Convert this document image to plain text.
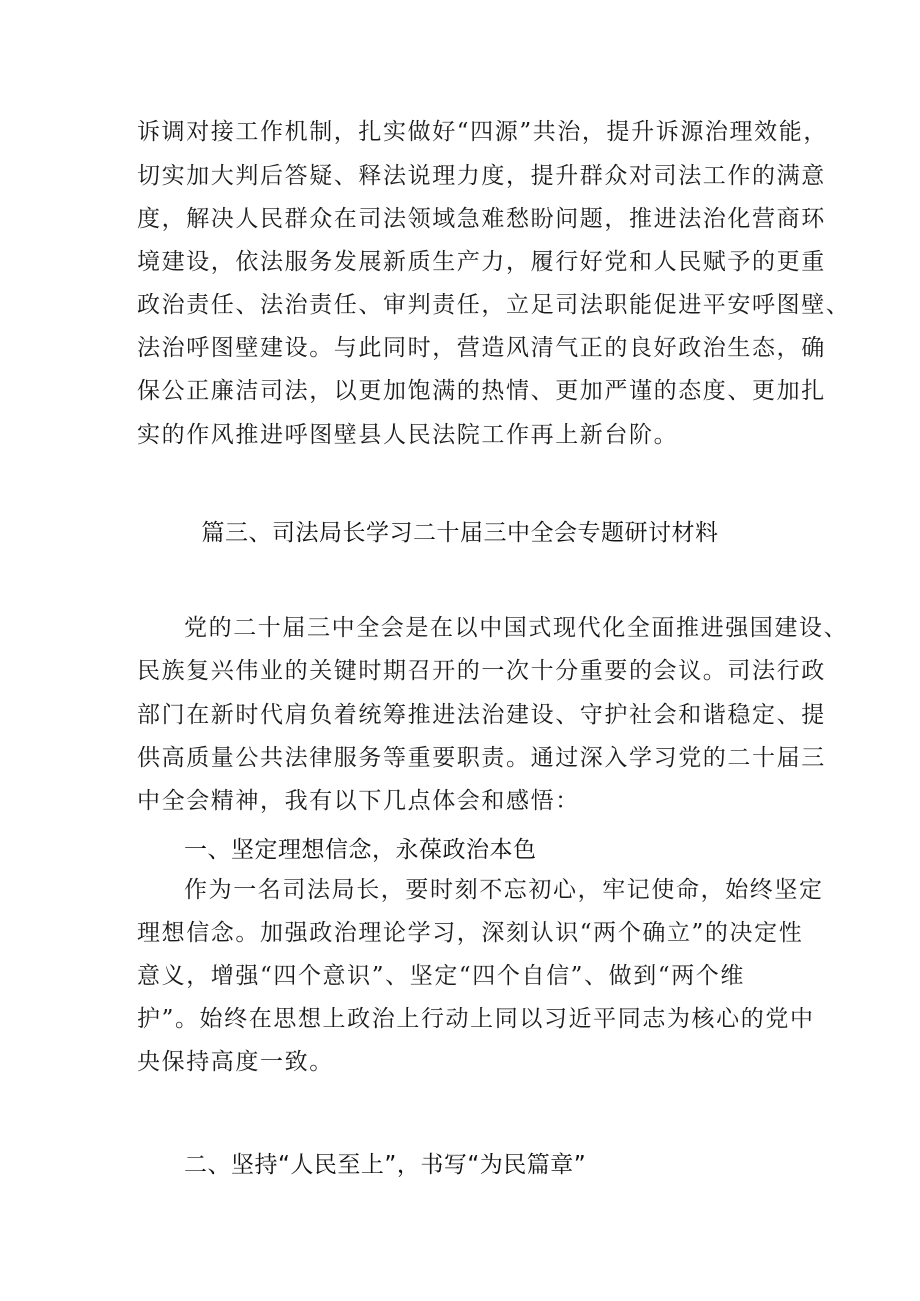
诉调对接工作机制，扎实做好“四源”共治，提升诉源治理效能，
切实加大判后答疑、释法说理力度，提升群众对司法工作的满意
度，解决人民群众在司法领域急难愁盼问题，推进法治化营商环
境建设，依法服务发展新质生产力，履行好党和人民赋予的更重
政治责任、法治责任、审判责任，立足司法职能促进平安呼图壁、
法治呼图壁建设。与此同时，营造风清气正的良好政治生态，确
保公正廉洁司法，以更加饱满的热情、更加严谨的态度、更加扎
实的作风推进呼图壁县人民法院工作再上新台阶。
篇三、司法局长学习二十届三中全会专题研讨材料
党的二十届三中全会是在以中国式现代化全面推进强国建设、
民族复兴伟业的关键时期召开的一次十分重要的会议。司法行政
部门在新时代肩负着统筹推进法治建设、守护社会和谐稳定、提
供高质量公共法律服务等重要职责。通过深入学习党的二十届三
中全会精神，我有以下几点体会和感悟：
一、坚定理想信念，永葆政治本色
作为一名司法局长，要时刻不忘初心，牢记使命，始终坚定
理想信念。加强政治理论学习，深刻认识“两个确立”的决定性
意义，增强“四个意识”、坚定“四个自信”、做到“两个维
护”。始终在思想上政治上行动上同以习近平同志为核心的党中
央保持高度一致。
二、坚持“人民至上”，书写“为民篇章”
